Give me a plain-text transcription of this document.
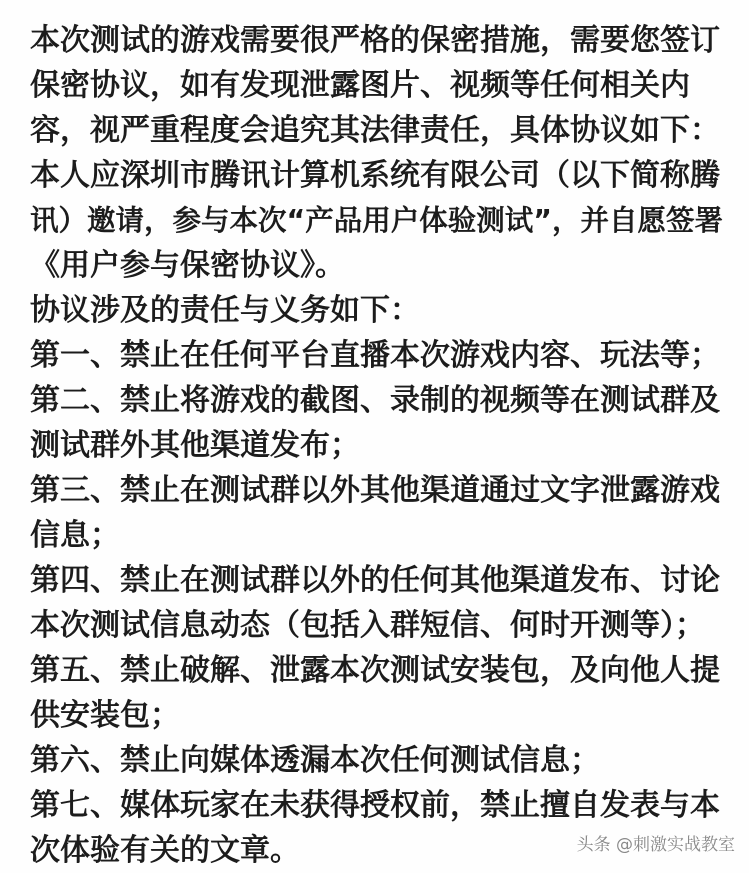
本次测试的游戏需要很严格的保密措施，需要您签订
保密协议，如有发现泄露图片、视频等任何相关内
容，视严重程度会追究其法律责任，具体协议如下：
本人应深圳市腾讯计算机系统有限公司（以下简称腾
讯）邀请，参与本次“产品用户体验测试”，并自愿签署
《用户参与保密协议》。
协议涉及的责任与义务如下：
第一、禁止在任何平台直播本次游戏内容、玩法等；
第二、禁止将游戏的截图、录制的视频等在测试群及
测试群外其他渠道发布；
第三、禁止在测试群以外其他渠道通过文字泄露游戏
信息；
第四、禁止在测试群以外的任何其他渠道发布、讨论
本次测试信息动态（包括入群短信、何时开测等）；
第五、禁止破解、泄露本次测试安装包，及向他人提
供安装包；
第六、禁止向媒体透漏本次任何测试信息；
第七、媒体玩家在未获得授权前，禁止擅自发表与本
次体验有关的文章。	头条 @刺激实战教室
